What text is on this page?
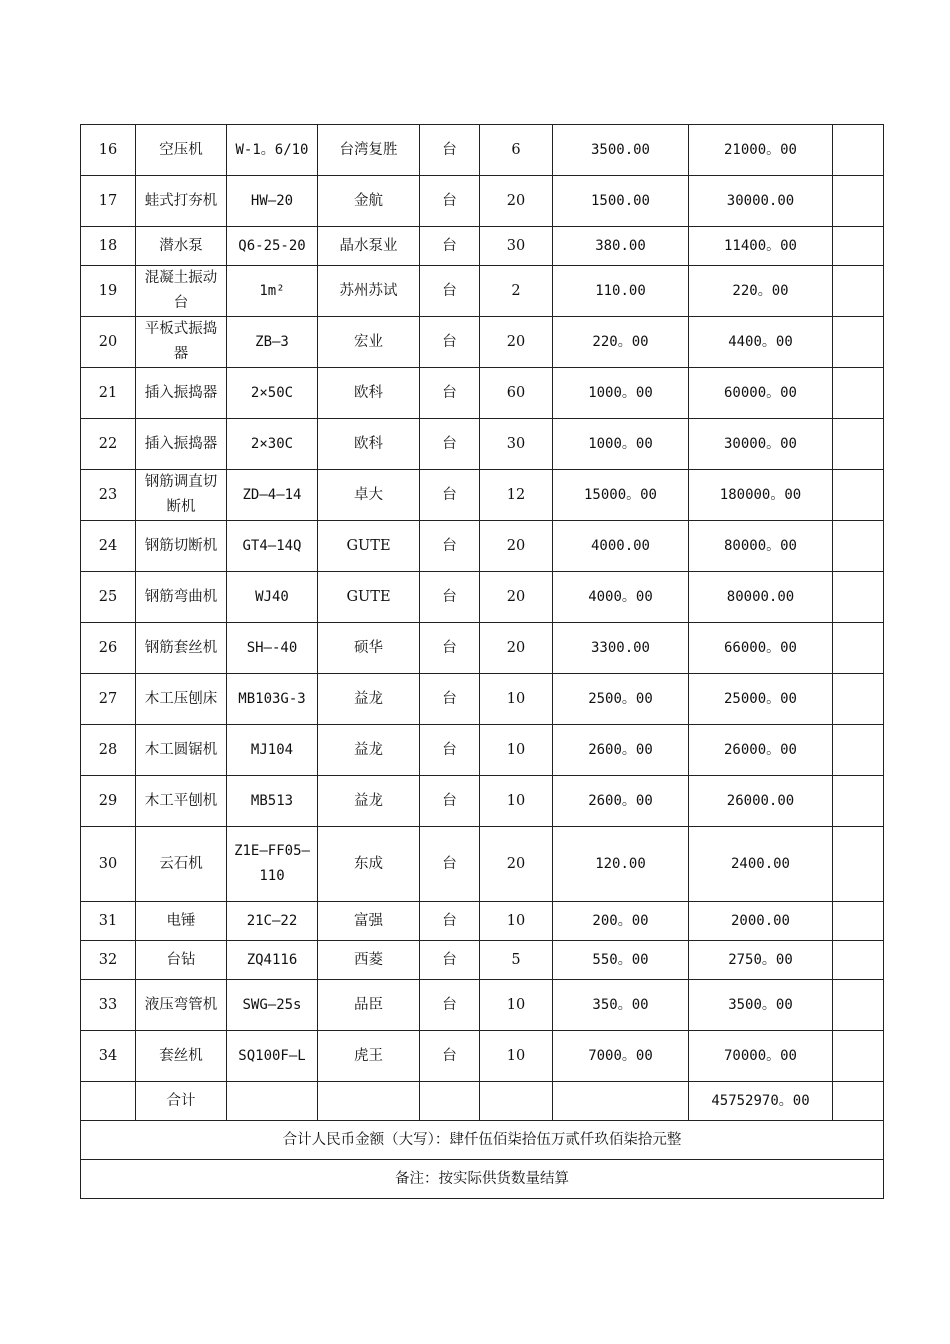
16	空压机	W-1。6/10	台湾复胜	台	6	3500.00	21000。00	
17	蛙式打夯机	HW—20	金航	台	20	1500.00	30000.00	
18	潜水泵	Q6-25-20	晶水泵业	台	30	380.00	11400。00	
19	混凝土振动台	1m²	苏州苏试	台	2	110.00	220。00	
20	平板式振捣器	ZB—3	宏业	台	20	220。00	4400。00	
21	插入振捣器	2×50C	欧科	台	60	1000。00	60000。00	
22	插入振捣器	2×30C	欧科	台	30	1000。00	30000。00	
23	钢筋调直切断机	ZD—4—14	卓大	台	12	15000。00	180000。00	
24	钢筋切断机	GT4—14Q	GUTE	台	20	4000.00	80000。00	
25	钢筋弯曲机	WJ40	GUTE	台	20	4000。00	80000.00	
26	钢筋套丝机	SH—-40	硕华	台	20	3300.00	66000。00	
27	木工压刨床	MB103G-3	益龙	台	10	2500。00	25000。00	
28	木工圆锯机	MJ104	益龙	台	10	2600。00	26000。00	
29	木工平刨机	MB513	益龙	台	10	2600。00	26000.00	
30	云石机	Z1E—FF05—110	东成	台	20	120.00	2400.00	
31	电锤	21C—22	富强	台	10	200。00	2000.00	
32	台钻	ZQ4116	西菱	台	5	550。00	2750。00	
33	液压弯管机	SWG—25s	品臣	台	10	350。00	3500。00	
34	套丝机	SQ100F—L	虎王	台	10	7000。00	70000。00	
	合计						45752970。00	
合计人民币金额（大写）：肆仟伍佰柒拾伍万贰仟玖佰柒拾元整								
备注：按实际供货数量结算								
